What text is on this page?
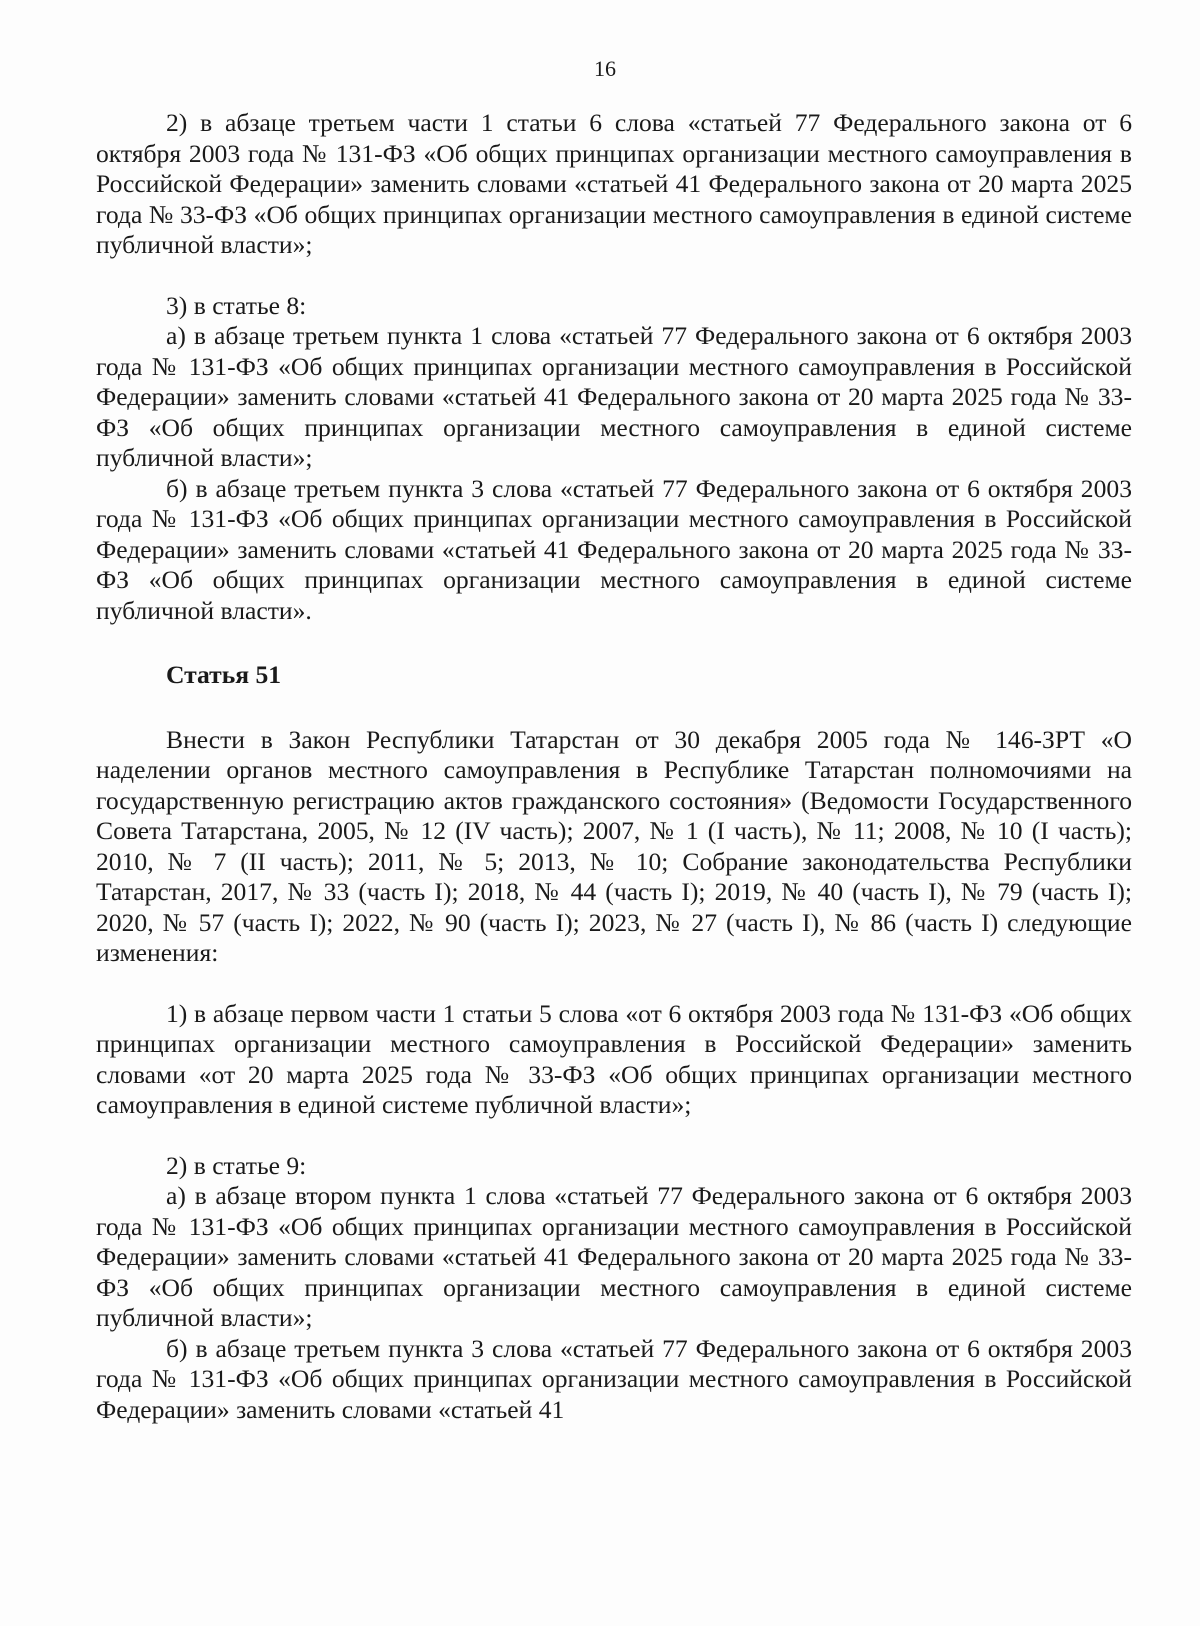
16

2) в абзаце третьем части 1 статьи 6 слова «статьей 77 Федерального закона от 6 октября 2003 года № 131-ФЗ «Об общих принципах организации местного самоуправления в Российской Федерации» заменить словами «статьей 41 Федерального закона от 20 марта 2025 года № 33-ФЗ «Об общих принципах организации местного самоуправления в единой системе публичной власти»;

3) в статье 8:

а) в абзаце третьем пункта 1 слова «статьей 77 Федерального закона от 6 октября 2003 года № 131-ФЗ «Об общих принципах организации местного самоуправления в Российской Федерации» заменить словами «статьей 41 Федерального закона от 20 марта 2025 года № 33-ФЗ «Об общих принципах организации местного самоуправления в единой системе публичной власти»;

б) в абзаце третьем пункта 3 слова «статьей 77 Федерального закона от 6 октября 2003 года № 131-ФЗ «Об общих принципах организации местного самоуправления в Российской Федерации» заменить словами «статьей 41 Федерального закона от 20 марта 2025 года № 33-ФЗ «Об общих принципах организации местного самоуправления в единой системе публичной власти».

Статья 51

Внести в Закон Республики Татарстан от 30 декабря 2005 года № 146-ЗРТ «О наделении органов местного самоуправления в Республике Татарстан полномочиями на государственную регистрацию актов гражданского состояния» (Ведомости Государственного Совета Татарстана, 2005, № 12 (IV часть); 2007, № 1 (I часть), № 11; 2008, № 10 (I часть); 2010, № 7 (II часть); 2011, № 5; 2013, № 10; Собрание законодательства Республики Татарстан, 2017, № 33 (часть I); 2018, № 44 (часть I); 2019, № 40 (часть I), № 79 (часть I); 2020, № 57 (часть I); 2022, № 90 (часть I); 2023, № 27 (часть I), № 86 (часть I) следующие изменения:

1) в абзаце первом части 1 статьи 5 слова «от 6 октября 2003 года № 131-ФЗ «Об общих принципах организации местного самоуправления в Российской Федерации» заменить словами «от 20 марта 2025 года № 33-ФЗ «Об общих принципах организации местного самоуправления в единой системе публичной власти»;

2) в статье 9:

а) в абзаце втором пункта 1 слова «статьей 77 Федерального закона от 6 октября 2003 года № 131-ФЗ «Об общих принципах организации местного самоуправления в Российской Федерации» заменить словами «статьей 41 Федерального закона от 20 марта 2025 года № 33-ФЗ «Об общих принципах организации местного самоуправления в единой системе публичной власти»;

б) в абзаце третьем пункта 3 слова «статьей 77 Федерального закона от 6 октября 2003 года № 131-ФЗ «Об общих принципах организации местного самоуправления в Российской Федерации» заменить словами «статьей 41
